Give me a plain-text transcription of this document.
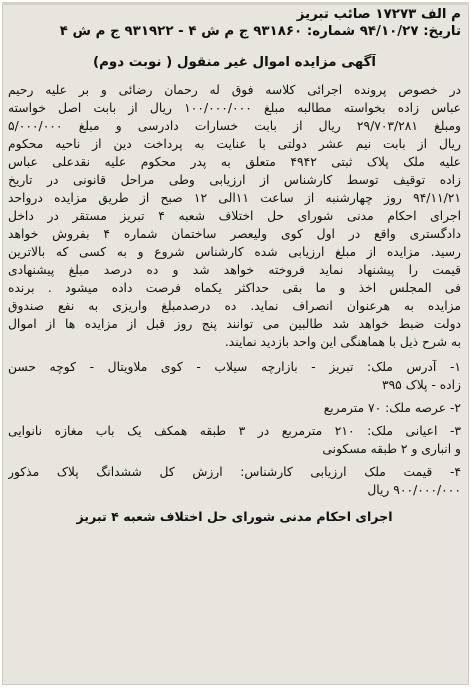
م الف ۱۷۲۷۳ صائب تبریز
تاریخ: ۹۴/۱۰/۲۷ شماره: ۹۳۱۸۶۰ ج م ش ۴ - ۹۳۱۹۲۲ ج م ش ۴
آگهی مزایده اموال غیر منقول ( نوبت دوم)
در خصوص پرونده اجرائی کلاسه فوق له رحمان رضائی و بر علیه رحیم
عباس زاده بخواسته مطالبه مبلغ ۱۰۰/۰۰۰/۰۰۰ ریال از بابت اصل خواسته
ومبلغ ۲۹/۷۰۳/۲۸۱ ریال از بابت خسارات دادرسی و مبلغ ۵/۰۰۰/۰۰۰
ریال از بابت نیم عشر دولتی با عنایت به پرداخت دین از ناحیه محکوم
علیه ملک پلاک ثبتی ۴۹۴۲ متعلق به پدر محکوم علیه نقدعلی عباس
زاده توقیف توسط کارشناس از ارزیابی وطی مراحل قانونی در تاریخ
۹۴/۱۱/۲۱ روز چهارشنبه از ساعت ۱۱الی ۱۲ صبح از طریق مزایده درواحد
اجرای احکام مدنی شورای حل اختلاف شعبه ۴ تبریز مستقر در داخل
دادگستری واقع در اول کوی ولیعصر ساختمان شماره ۴ بفروش خواهد
رسید. مزایده از مبلغ ارزیابی شده کارشناس شروع و به کسی که بالاترین
قیمت را پیشنهاد نماید فروخته خواهد شد و ده درصد مبلغ پیشنهادی
فی المجلس اخذ و ما بقی حداکثر یکماه فرصت داده میشود . برنده
مزایده به هرعنوان انصراف نماید. ده درصدمبلغ واریزی به نفع صندوق
دولت ضبط خواهد شد طالبین می توانند پنج روز قبل از مزایده ها از اموال
به شرح ذیل با هماهنگی این واحد بازدید نمایند.
۱- آدرس ملک: تبریز - بازارچه سیلاب - کوی ملاویتال - کوچه حسن
زاده - پلاک ۳۹۵
۲- عرصه ملک: ۷۰ مترمربع
۳- اعیانی ملک: ۲۱۰ مترمربع در ۳ طبقه همکف یک باب مغازه نانوایی
و انباری و ۲ طبقه مسکونی
۴- قیمت ملک ارزیابی کارشناس: ارزش کل ششدانگ پلاک مذکور
۹۰۰/۰۰۰/۰۰۰ ریال
اجرای احکام مدنی شورای حل اختلاف شعبه ۴ تبریز
